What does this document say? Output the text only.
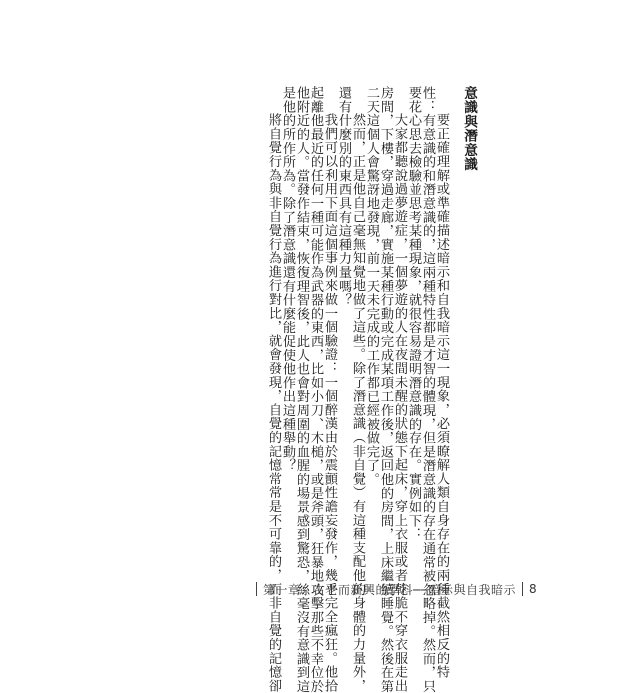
意識與潛意識
要正確理解或準確描述暗示和自我暗示這一現象，必須瞭解人類自身存在的兩種截然相反的特
性：有意識的和潛意識的，這兩種特性都是才智的體現，但是潛意識的存在通常被忽略掉。然而，只
要花心思去檢驗並思考某種現象，就很容易證明潛意識的存在。實例如下：
大家都聽說過夢遊症，一個夢遊的人在夜間未醒的狀態下起床，穿上衣服或者乾脆不穿衣服走出
房間，下樓，穿過走廊，實施某種行動或完成某項工作後，返回他的房間，上床繼續睡覺。然後在第
二天這個人會驚訝地發現，前一天未完成的工作都已經被做完了。
然而，正是他自己毫無知覺地做了這些。除了潛意識（非自覺）有這種支配他的身體的力量外，
還有什麼別的東西具有這種力量嗎？
我們可以利用下面這個事例來做一個驗證：一個醉漢由於震顫性譫妄發作，幾乎完全瘋狂。他拾
起離他最近的任何一種可能作為武器的東西，比如小刀、木槌，或是斧頭，狂暴地攻擊那些不幸位於
他附近的人。當發作結束，恢復理智後，此人也會對周圍的血腥的場景感到驚恐，絲毫沒有意識到這
是他的所作所為。除了潛意識還有什麼能促使他作出這種舉動？
將自覺行為與非自覺行為進行對比，就會發現，自覺的記憶常常是不可靠的，而非自覺的記憶卻
第一章：古老而新興的學科──暗示與自我暗示 8
